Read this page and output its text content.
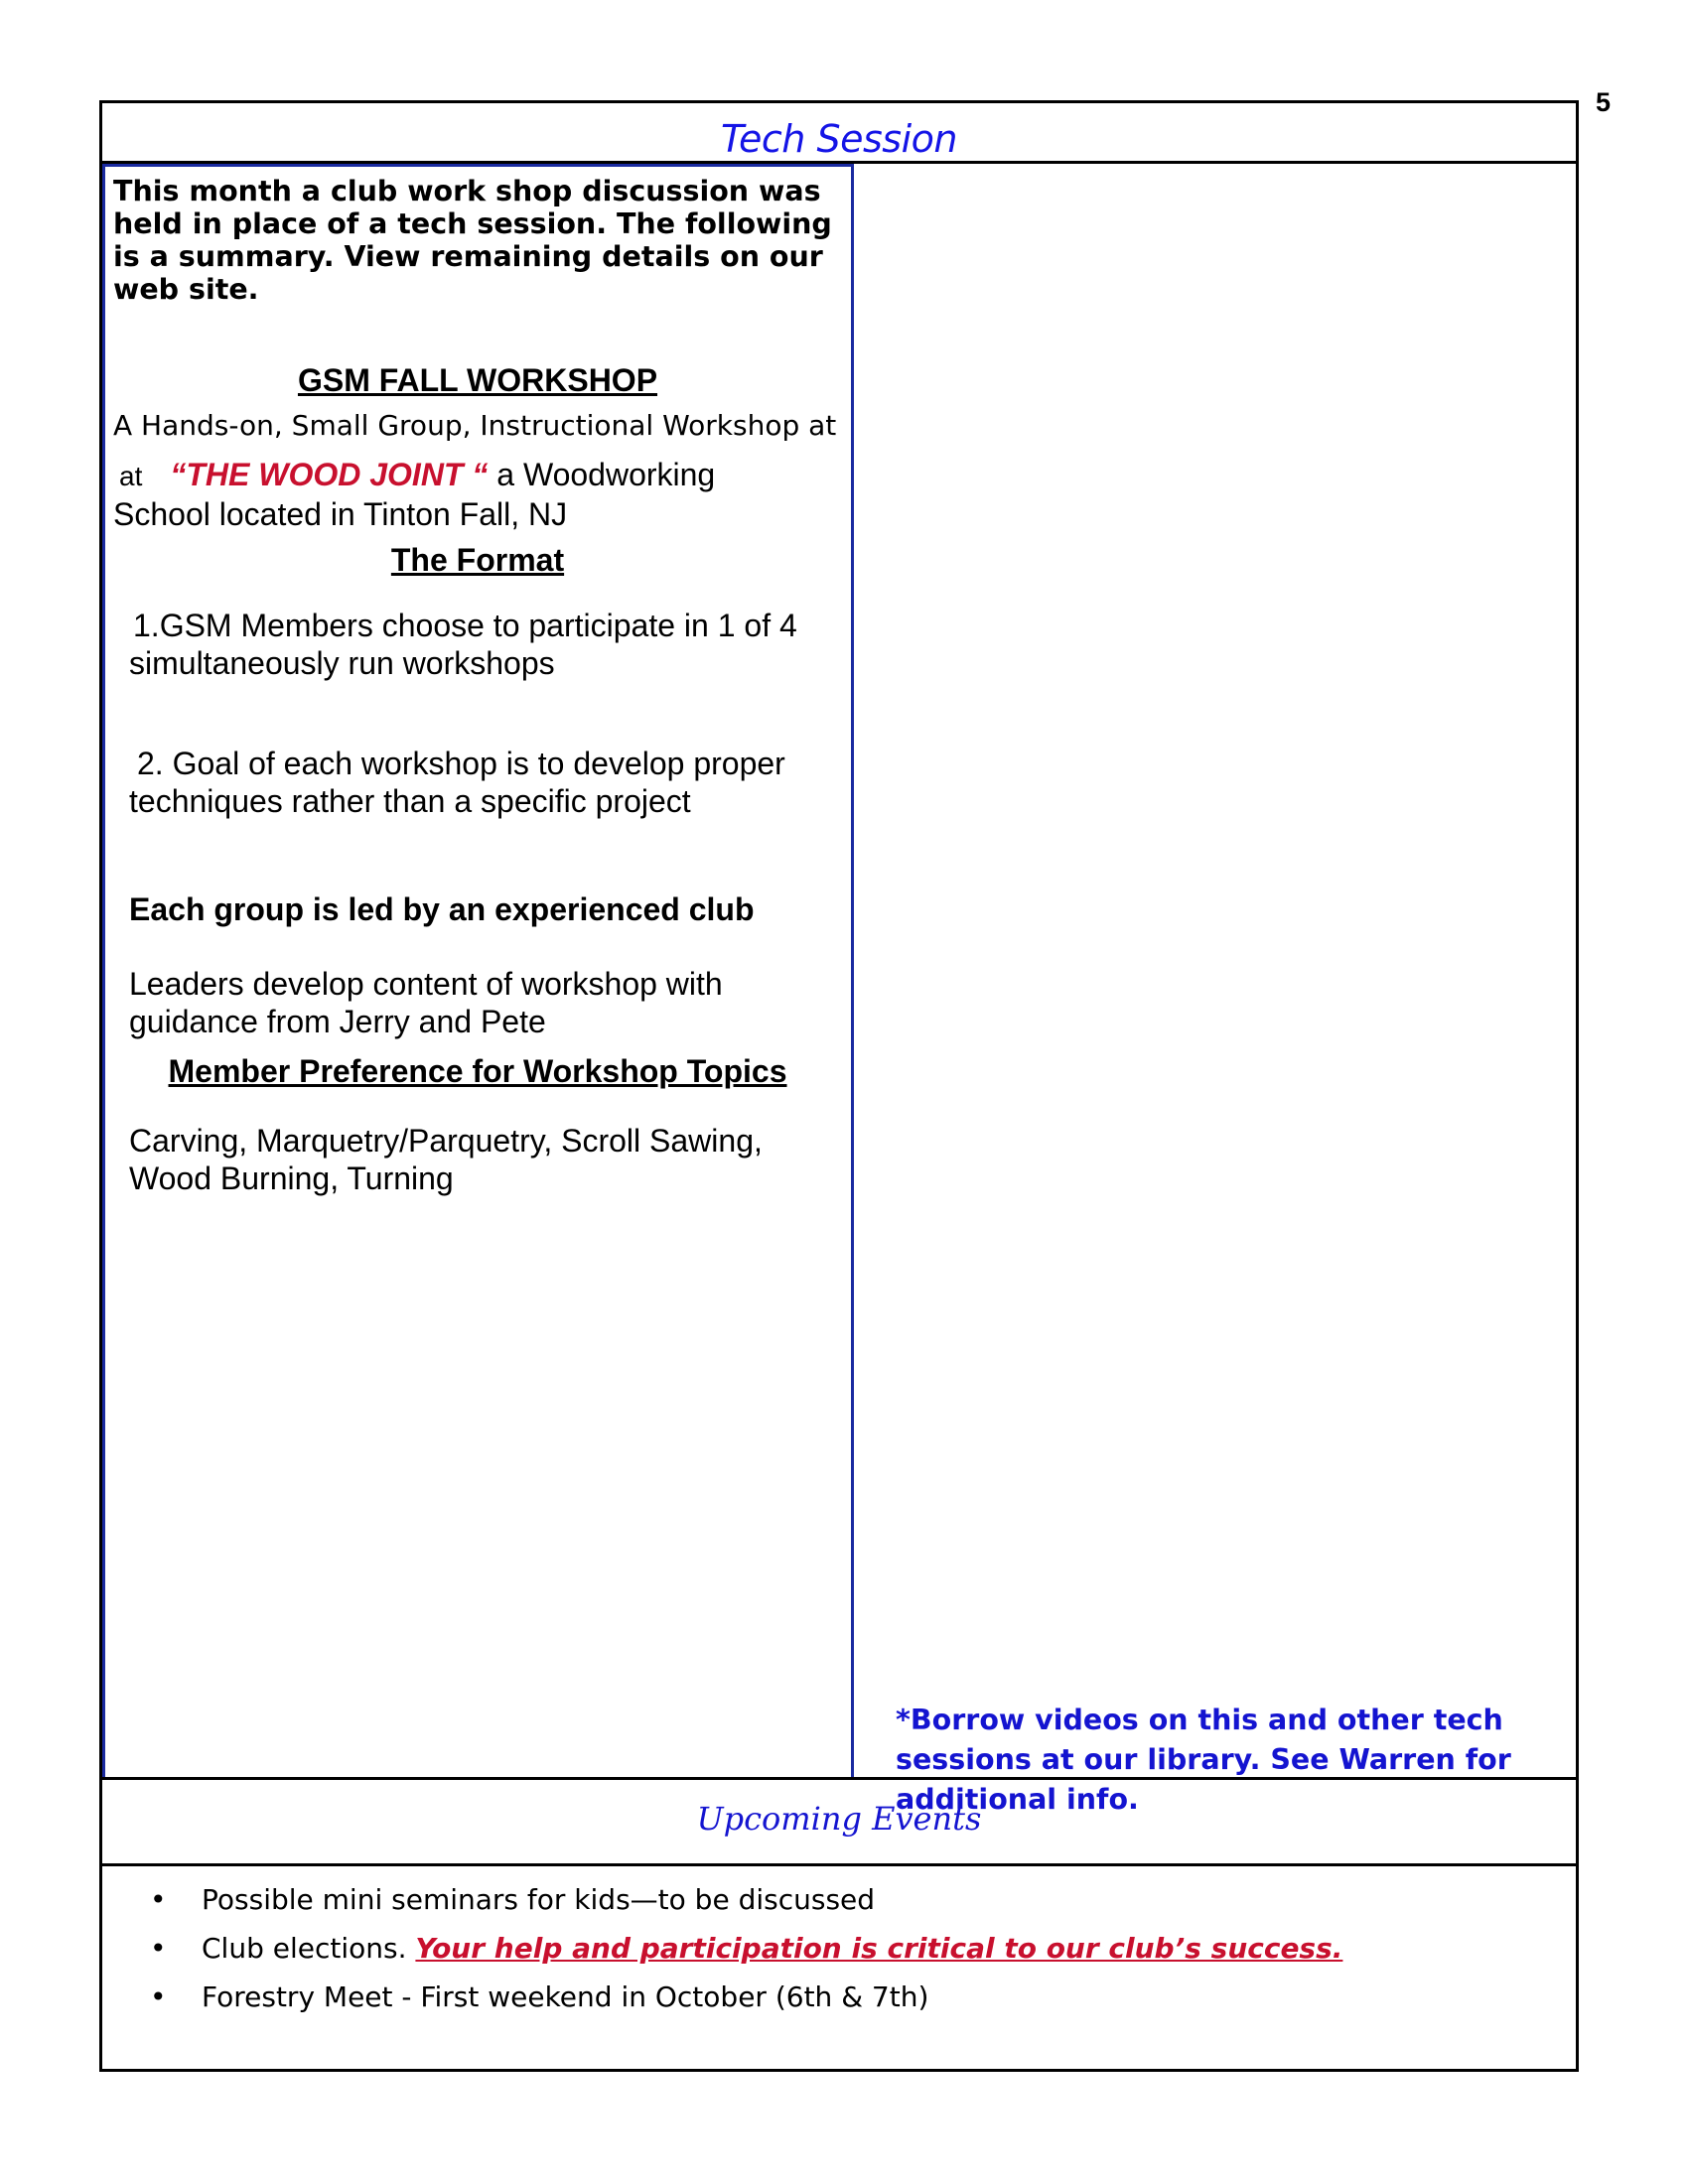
5
Tech Session
This month a club work shop discussion was held in place of a tech session. The following is a summary. View remaining details on our web site.
GSM FALL WORKSHOP
A Hands-on, Small Group, Instructional Workshop at
at “THE WOOD JOINT “ a Woodworking
School located in Tinton Fall, NJ
The Format
1.GSM Members choose to participate in 1 of 4
simultaneously run workshops
2. Goal of each workshop is to develop proper
techniques rather than a specific project
Each group is led by an experienced club
Leaders develop content of workshop with
guidance from Jerry and Pete
Member Preference for Workshop Topics
Carving, Marquetry/Parquetry, Scroll Sawing,
Wood Burning, Turning
*Borrow videos on this and other tech sessions at our library. See Warren for additional info.
Upcoming Events
• Possible mini seminars for kids—to be discussed
• Club elections. Your help and participation is critical to our club’s success.
• Forestry Meet - First weekend in October (6th & 7th)
